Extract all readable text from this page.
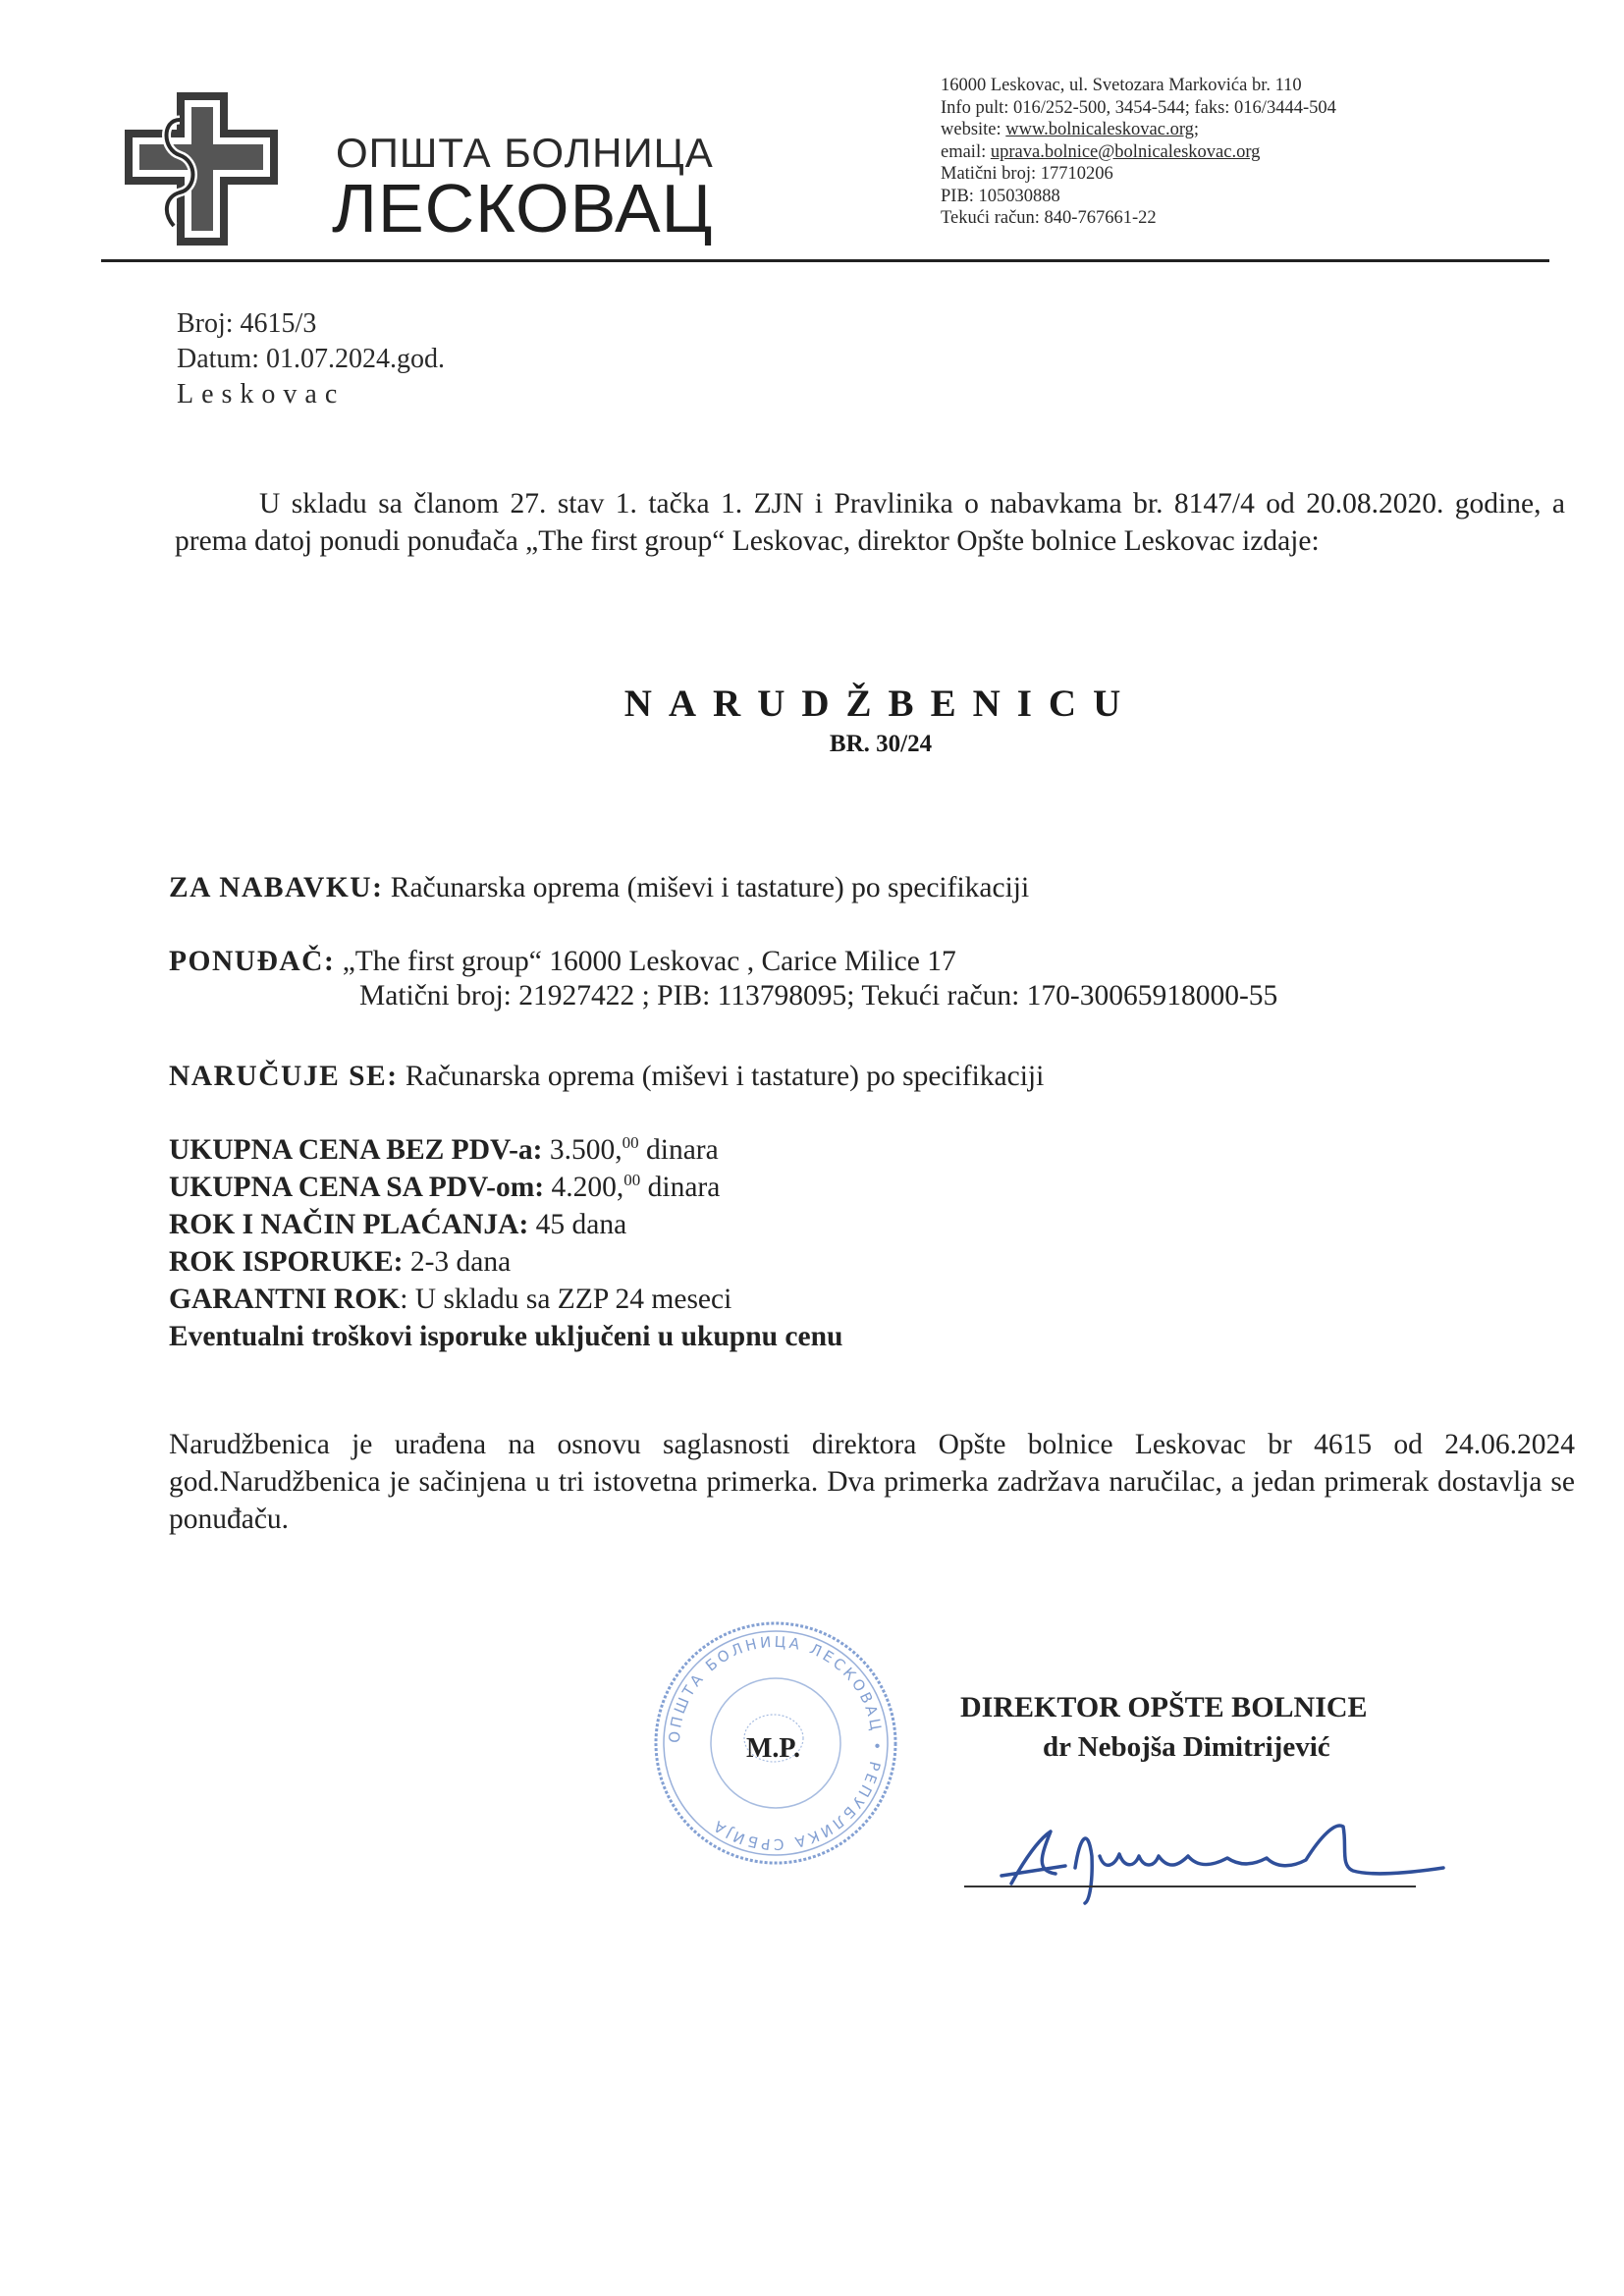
ОПШТА БОЛНИЦА
ЛЕСКОВАЦ
16000 Leskovac, ul. Svetozara Markovića br. 110
Info pult: 016/252-500, 3454-544; faks: 016/3444-504
website: www.bolnicaleskovac.org;
email: uprava.bolnice@bolnicaleskovac.org
Matični broj: 17710206
PIB: 105030888
Tekući račun: 840-767661-22
Broj: 4615/3
Datum: 01.07.2024.god.
Leskovac
U skladu sa članom 27. stav 1. tačka 1. ZJN i Pravlinika o nabavkama br. 8147/4 od 20.08.2020. godine, a prema datoj ponudi ponuđača „The first group“ Leskovac, direktor Opšte bolnice Leskovac izdaje:
NARUDŽBENICU
BR. 30/24
ZA NABAVKU: Računarska oprema (miševi i tastature) po specifikaciji
PONUĐAČ: „The first group“ 16000 Leskovac , Carice Milice 17
Matični broj: 21927422 ; PIB: 113798095; Tekući račun: 170-30065918000-55
NARUČUJE SE: Računarska oprema (miševi i tastature) po specifikaciji
UKUPNA CENA BEZ PDV-a: 3.500,00 dinara
UKUPNA CENA SA PDV-om: 4.200,00 dinara
ROK I NAČIN PLAĆANJA: 45 dana
ROK ISPORUKE: 2-3 dana
GARANTNI ROK: U skladu sa ZZP 24 meseci
Eventualni troškovi isporuke uključeni u ukupnu cenu
Narudžbenica je urađena na osnovu saglasnosti direktora Opšte bolnice Leskovac br 4615 od 24.06.2024 god.Narudžbenica je sačinjena u tri istovetna primerka. Dva primerka zadržava naručilac, a jedan primerak dostavlja se ponuđaču.
ОПШТА БОЛНИЦА ЛЕСКОВАЦ • РЕПУБЛИКА СРБИЈА
M.P.
DIREKTOR OPŠTE BOLNICE
dr Nebojša Dimitrijević
